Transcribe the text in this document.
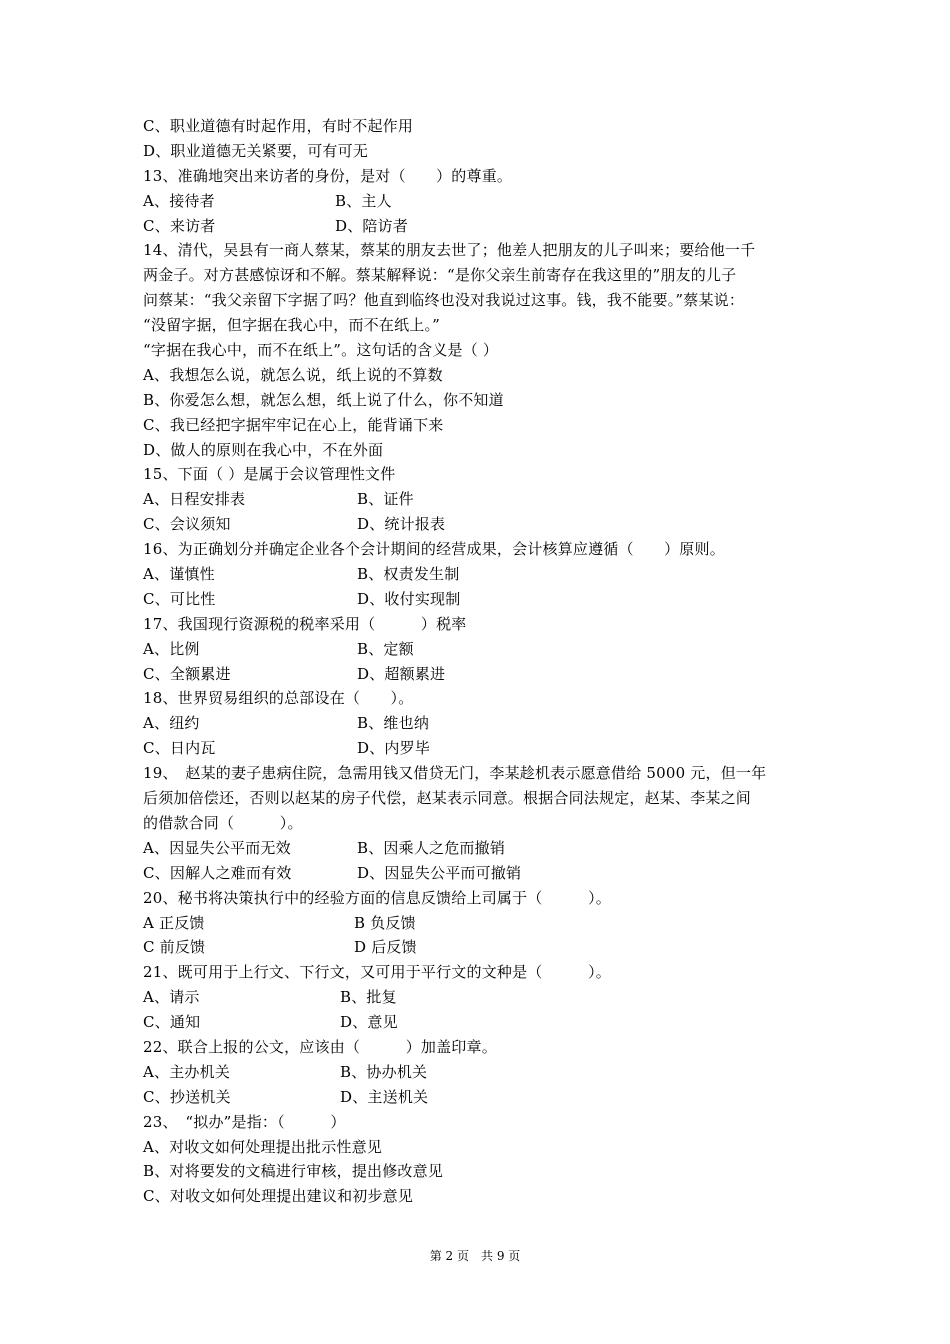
C、职业道德有时起作用，有时不起作用
D、职业道德无关紧要，可有可无
13、准确地突出来访者的身份，是对（　　）的尊重。
A、接待者	B、主人
C、来访者	D、陪访者
14、清代，吴县有一商人蔡某，蔡某的朋友去世了；他差人把朋友的儿子叫来；要给他一千
两金子。对方甚感惊讶和不解。蔡某解释说：“是你父亲生前寄存在我这里的”朋友的儿子
问蔡某：“我父亲留下字据了吗？他直到临终也没对我说过这事。钱，我不能要。”蔡某说：
“没留字据，但字据在我心中，而不在纸上。”
“字据在我心中，而不在纸上”。这句话的含义是（ ）
A、我想怎么说，就怎么说，纸上说的不算数
B、你爱怎么想，就怎么想，纸上说了什么，你不知道
C、我已经把字据牢牢记在心上，能背诵下来
D、做人的原则在我心中，不在外面
15、下面（ ）是属于会议管理性文件
A、日程安排表	B、证件
C、会议须知	D、统计报表
16、为正确划分并确定企业各个会计期间的经营成果，会计核算应遵循（　　）原则。
A、谨慎性	B、权责发生制
C、可比性	D、收付实现制
17、我国现行资源税的税率采用（　　　）税率
A、比例	B、定额
C、全额累进	D、超额累进
18、世界贸易组织的总部设在（　　）。
A、纽约	B、维也纳
C、日内瓦	D、内罗毕
19、　赵某的妻子患病住院，急需用钱又借贷无门，李某趁机表示愿意借给 5000 元，但一年
后须加倍偿还，否则以赵某的房子代偿，赵某表示同意。根据合同法规定，赵某、李某之间
的借款合同（　　　）。
A、因显失公平而无效	B、因乘人之危而撤销
C、因解人之难而有效	D、因显失公平而可撤销
20、秘书将决策执行中的经验方面的信息反馈给上司属于（　　　）。
A 正反馈	B 负反馈
C 前反馈	D 后反馈
21、既可用于上行文、下行文，又可用于平行文的文种是（　　　）。
A、请示	B、批复
C、通知	D、意见
22、联合上报的公文，应该由（　　　）加盖印章。
A、主办机关	B、协办机关
C、抄送机关	D、主送机关
23、　“拟办”是指：（　　　）
A、对收文如何处理提出批示性意见
B、对将要发的文稿进行审核，提出修改意见
C、对收文如何处理提出建议和初步意见
第 2 页　共 9 页
